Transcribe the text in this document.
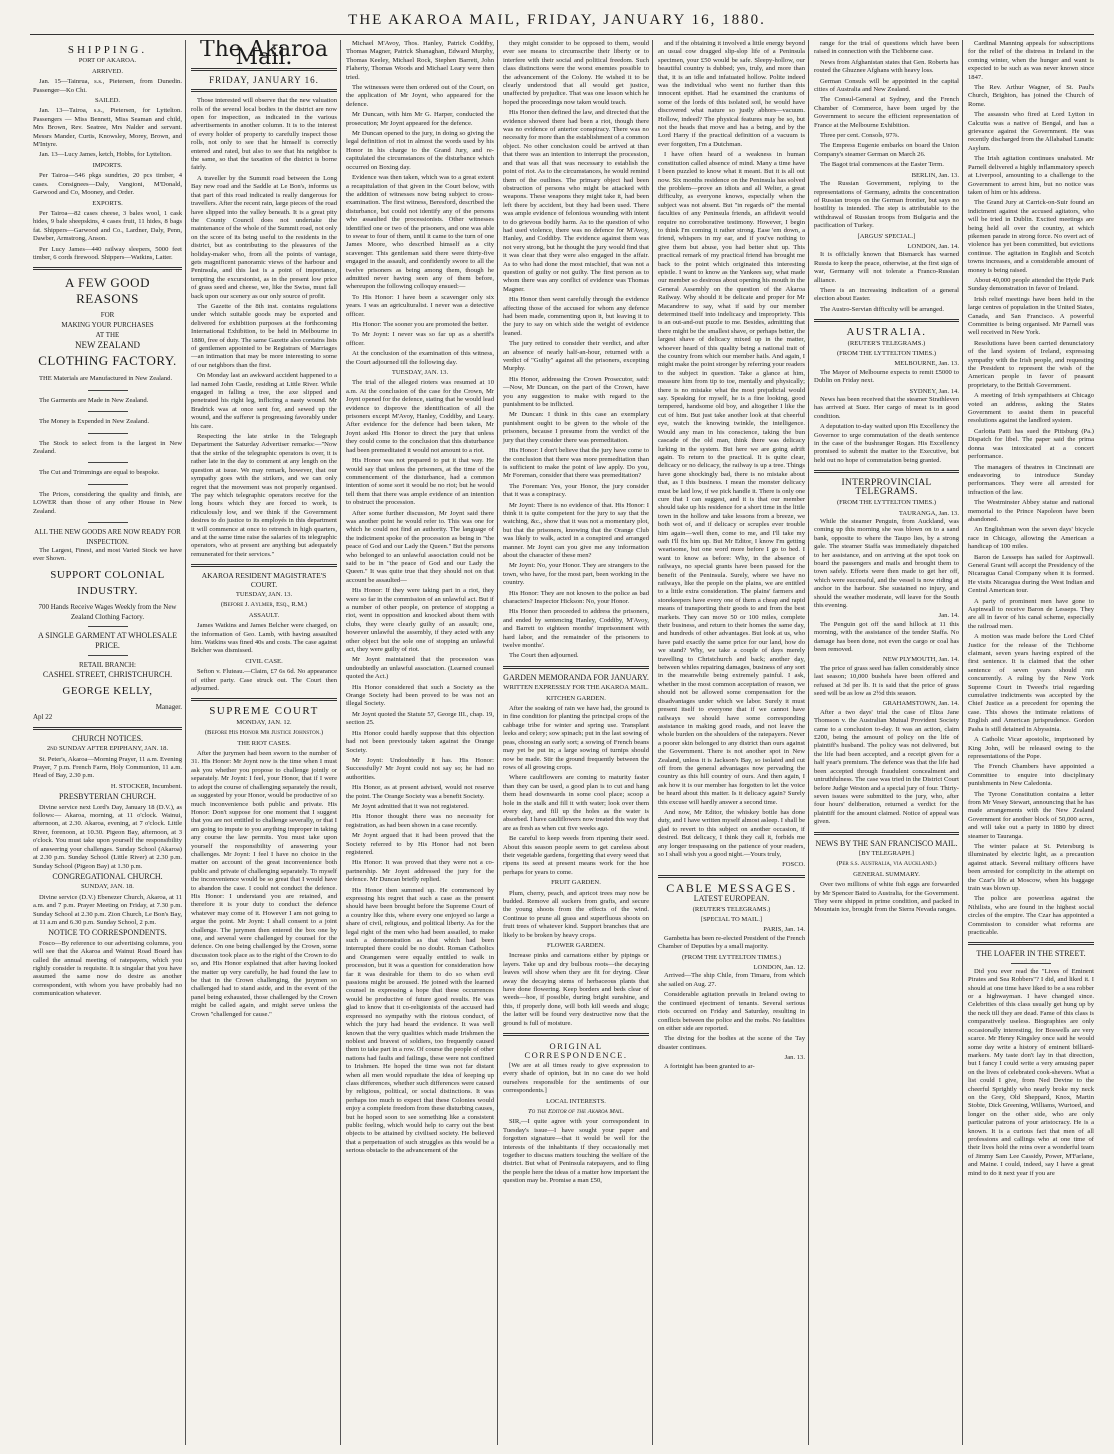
THE AKAROA MAIL, FRIDAY, JANUARY 16, 1880.
SHIPPING.
PORT OF AKAROA.
ARRIVED.

Jan. 15—Tainrua, s.s., Pietersen, from Dunedin. Passenger—Ko Chi.

SAILED.

Jan. 13—Tairoa, s.s., Pietersen, for Lyttelton. Passengers — Miss Bennett, Miss Seaman and child, Mrs Brown, Rev. Seatree, Mrs Nalder and servant. Messrs Mander, Curtis, Knowsley, Morey, Brown, and M'Intyre.

Jan. 13—Lucy James, ketch, Hobbs, for Lyttelton.

IMPORTS.

Per Tairoa—546 pkgs sundries, 20 pcs timber, 4 cases. Consignees—Daly, Vangioni, M'Donald, Garwood and Co, Mooney, and Order.

EXPORTS.

Per Tairoa—82 cases cheese, 3 bales wool, 1 cask hides, 9 bale sheepskins, 4 cases fruit, 11 hides, 8 bags fat. Shippers—Garwood and Co., Lardner, Daly, Penn, Dawber, Armstrong, Anson.

Per Lucy James—440 railway sleepers, 5000 feet timber, 6 cords firewood. Shippers—Watkins, Latter.

A FEW GOOD REASONS
FOR
MAKING YOUR PURCHASES
AT THE
NEW ZEALAND
CLOTHING FACTORY.

THE Materials are Manufactured in New Zealand.

The Garments are Made in New Zealand.

The Money is Expended in New Zealand.

The Stock to select from is the largest in New Zealand.

The Cut and Trimmings are equal to bespoke.

The Prices, considering the quality and finish, are LOWER than those of any other House in New Zealand.

ALL THE NEW GOODS ARE NOW READY FOR INSPECTION.

The Largest, Finest, and most Varied Stock we have ever Shown.

SUPPORT COLONIAL INDUSTRY.
700 Hands Receive Wages Weekly from the New Zealand Clothing Factory.
A SINGLE GARMENT AT WHOLESALE PRICE.
RETAIL BRANCH:
CASHEL STREET, CHRISTCHURCH.
GEORGE KELLY,
Manager.
Apl 22
CHURCH NOTICES.
2nd SUNDAY AFTER EPIPHANY, JAN. 18.

St. Peter's, Akaroa—Morning Prayer, 11 a.m. Evening Prayer, 7 p.m. French Farm, Holy Communion, 11 a.m. Head of Bay, 2.30 p.m.

H. STOCKER, Incumbent.
PRESBYTERIAN CHURCH.

Divine service next Lord's Day, January 18 (D.V.), as follows:— Akaroa, morning, at 11 o'clock. Wainui, afternoon, at 2.30. Akaroa, evening, at 7 o'clock. Little River, forenoon, at 10.30. Pigeon Bay, afternoon, at 3 o'clock. You must take upon yourself the responsibility of answering your challenges. Sunday School (Akaroa) at 2.30 p.m. Sunday School (Little River) at 2.30 p.m. Sunday School (Pigeon Bay) at 1.30 p.m.

CONGREGATIONAL CHURCH.
SUNDAY, JAN. 18.

Divine service (D.V.) Ebenezer Church, Akaroa, at 11 a.m. and 7 p.m. Prayer Meeting on Friday, at 7.30 p.m. Sunday School at 2.30 p.m. Zion Church, Le Bon's Bay, at 11 a.m and 6.30 p.m. Sunday School, 2 p.m.

NOTICE TO CORRESPONDENTS.

Fosco—By reference to our advertising columns, you will see that the Akaroa and Wainui Road Board has called the annual meeting of ratepayers, which you rightly consider is requisite. It is singular that you have assumed the same now do desire as another correspondent, with whom you have probably had no communication whatever.

The Akaroa Mail.
FRIDAY, JANUARY 16.

Those interested will observe that the new valuation rolls of the several local bodies in the district are now open for inspection, as indicated in the various advertisements in another column. It is to the interest of every holder of property to carefully inspect those rolls, not only to see that he himself is correctly entered and rated, but also to see that his neighbor is the same, so that the taxation of the district is borne fairly.

A traveller by the Summit road between the Long Bay new road and the Saddle at Le Bon's, informs us that part of this road indicated is really dangerous for travellers. After the recent rain, large pieces of the road have slipped into the valley beneath. It is a great pity the County Council does not undertake the maintenance of the whole of the Summit road, not only on the score of its being useful to the residents in the district, but as contributing to the pleasures of the holiday-maker who, from all the points of vantage, gets magnificent panoramic views of the harbour and Peninsula, and this last is a point of importance, tempting the excursionist, as in the present low price of grass seed and cheese, we, like the Swiss, must fall back upon our scenery as our only source of profit.

The Gazette of the 8th inst. contains regulations under which suitable goods may be exported and delivered for exhibition purposes at the forthcoming International Exhibition, to be held in Melbourne in 1880, free of duty. The same Gazette also contains lists of gentlemen appointed to be Registrars of Marriages—an intimation that may be more interesting to some of our neighbors than the first.

On Monday last an awkward accident happened to a lad named John Castle, residing at Little River. While engaged in falling a tree, the axe slipped and penetrated his right leg, inflicting a nasty wound. Mr Bradrick was at once sent for, and sewed up the wound, and the sufferer is progressing favorably under his care.

Respecting the late strike in the Telegraph Department the Saturday Advertiser remarks:—"Now that the strike of the telegraphic operators is over, it is rather late in the day to comment at any length on the question at issue. We may remark, however, that our sympathy goes with the strikers, and we can only regret that the movement was not properly organised. The pay which telegraphic operators receive for the long hours which they are forced to work, is ridiculously low, and we think if the Government desires to do justice to its employés in this department it will commence at once to retrench in high quarters, and at the same time raise the salaries of its telegraphic operators, who at present are anything but adequately remunerated for their services."

AKAROA RESIDENT MAGISTRATE'S COURT.
TUESDAY, JAN. 13.
(Before J. Aylmer, Esq., R.M.)
ASSAULT.

James Watkins and James Belcher were charged, on the information of Geo. Lamb, with having assaulted him. Watkins was fined 40s and costs. The case against Belcher was dismissed.

CIVIL CASE.

Sefton v. Fluteau.—Claim, £7 6s 6d. No appearance of either party. Case struck out. The Court then adjourned.

SUPREME COURT
MONDAY, JAN. 12.
(Before His Honor Mr Justice Johnston.)
THE RIOT CASES.

After the jurymen had been sworn to the number of 31. His Honor: Mr Joynt now is the time when I must ask you whether you propose to challenge jointly or separately. Mr Joynt: I feel, your Honor, that if I were to adopt the course of challenging separately the result, as suggested by your Honor, would be productive of so much inconvenience both public and private. His Honor: Don't suppose for one moment that I suggest that you are not entitled to challenge severally, or that I am going to impute to you anything improper in taking any course the law permits. You must take upon yourself the responsibility of answering your challenges. Mr Joynt: I feel I have no choice in the matter on account of the great inconvenience both public and private of challenging separately. To myself the inconvenience would be so great that I would have to abandon the case. I could not conduct the defence. His Honor: I understand you are retained, and therefore it is your duty to conduct the defence whatever may come of it. However I am not going to argue the point. Mr Joynt: I shall consent to a joint challenge. The jurymen then entered the box one by one, and several were challenged by counsel for the defence. On one being challenged by the Crown, some discussion took place as to the right of the Crown to do so, and His Honor explained that after having looked the matter up very carefully, he had found the law to be that in the Crown challenging, the jurymen so challenged had to stand aside, and in the event of the panel being exhausted, those challenged by the Crown might be called again, and might serve unless the Crown "challenged for cause."

Michael M'Avoy, Thos. Hanley, Patrick Coddiby, Thomas Magner, Patrick Shanaghan, Edward Murphy, Thomas Keeley, Michael Rock, Stephen Barrett, John Flaherty, Thomas Woods and Michael Leary were then tried.

The witnesses were then ordered out of the Court, on the application of Mr Joynt, who appeared for the defence.

Mr Duncan, with him Mr G. Harper, conducted the prosecution; Mr Joynt appeared for the defence.

Mr Duncan opened to the jury, in doing so giving the legal definition of riot in almost the words used by his Honor in his charge to the Grand Jury, and re-capitulated the circumstances of the disturbance which occurred on Boxing day.

Evidence was then taken, which was to a great extent a recapitulation of that given in the Court below, with the addition of witnesses now being subject to cross-examination. The first witness, Beresford, described the disturbance, but could not identify any of the persons who assaulted the processionists. Other witnesses identified one or two of the prisoners, and one was able to swear to four of them, until it came to the turn of one James Moore, who described himself as a city scavenger. This gentleman said there were thirty-five engaged in the assault, and confidently swore to all the twelve prisoners as being among them, though he admitted never having seen any of them before, whereupon the following colloquy ensued:—

To His Honor: I have been a scavenger only six years. I was an agriculturalist. I never was a detective officer.

His Honor: The sooner you are promoted the better.

To Mr Joynt: I never was so far up as a sheriff's officer.

At the conclusion of the examination of this witness, the Court adjourned till the following day.

TUESDAY, JAN. 13.

The trial of the alleged rioters was resumed at 10 a.m. At the conclusion of the case for the Crown, Mr Joynt opened for the defence, stating that he would lead evidence to disprove the identification of all the prisoners except M'Avoy, Hanley, Coddiby, and Leary. After evidence for the defence had been taken, Mr Joynt asked His Honor to direct the jury that unless they could come to the conclusion that this disturbance had been premeditated it would not amount to a riot.

His Honor was not prepared to put it that way. He would say that unless the prisoners, at the time of the commencement of the disturbance, had a common intention of some sort it would be no riot; but he would tell them that there was ample evidence of an intention to obstruct the procession.

After some further discussion, Mr Joynt said there was another point he would refer to. This was one for which he could not find an authority. The language of the indictment spoke of the procession as being in "the peace of God and our Lady the Queen." But the persons who belonged to an unlawful association could not be said to be in "the peace of God and our Lady the Queen." It was quite true that they should not on that account be assaulted—

His Honor: If they were taking part in a riot, they were so far in the commission of an unlawful act. But if a number of other people, on pretence of stopping a riot, went in opposition and knocked about them with clubs, they were clearly guilty of an assault; one, however unlawful the assembly, if they acted with any other object but the sole one of stopping an unlawful act, they were guilty of riot.

Mr Joynt maintained that the procession was undoubtedly an unlawful association. (Learned counsel quoted the Act.)

His Honor considered that such a Society as the Orange Society had been proved to be was not an illegal Society.

Mr Joynt quoted the Statute 57, George III., chap. 19, section 25.

His Honor could hardly suppose that this objection had not been previously taken against the Orange Society.

Mr Joynt: Undoubtedly it has. His Honor: Successfully? Mr Joynt could not say so; he had no authorities.

His Honor, as at present advised, would not reserve the point. The Orange Society was a benefit Society.

Mr Joynt admitted that it was not registered.

His Honor thought there was no necessity for registration, as had been shown in a case recently.

Mr Joynt argued that it had been proved that the Society referred to by His Honor had not been registered.

His Honor: It was proved that they were not a co-partnership. Mr Joynt addressed the jury for the defence. Mr Duncan briefly replied.

His Honor then summed up. He commenced by expressing his regret that such a case as the present should have been brought before the Supreme Court of a country like this, where every one enjoyed so large a share of civil, religious, and political liberty. As for the legal right of the men who had been assailed, to make such a demonstration as that which had been interrupted there could be no doubt. Roman Catholics and Orangemen were equally entitled to walk in procession, but it was a question for consideration how far it was desirable for them to do so when evil passions might be aroused. He joined with the learned counsel in expressing a hope that these occurrences would be productive of future good results. He was glad to know that it co-religionists of the accused had expressed no sympathy with the riotous conduct, of which the jury had heard the evidence. It was well known that the very qualities which made Irishmen the noblest and bravest of soldiers, too frequently caused them to take part in a row. Of course the people of other nations had faults and failings, these were not confined to Irishmen. He hoped the time was not far distant when all men would repudiate the idea of keeping up class differences, whether such differences were caused by religious, political, or social distinctions. It was perhaps too much to expect that these Colonies would enjoy a complete freedom from these disturbing causes, but he hoped soon to see something like a consistent public feeling, which would help to carry out the best objects to be attained by civilised society. He believed that a perpetuation of such struggles as this would be a serious obstacle to the advancement of the

they might consider to be opposed to them, would ever see means to circumscribe their liberty or to interfere with their social and political freedom. Such class distinctions were the worst enemies possible to the advancement of the Colony. He wished it to be clearly understood that all would get justice, unaffected by prejudice. That was one lesson which he hoped the proceedings now taken would teach.

His Honor then defined the law, and directed that the evidence showed there had been a riot, though there was no evidence of anterior conspiracy. There was no necessity for more than the establishment of a common object. No other conclusion could be arrived at than that there was an intention to interrupt the procession, and that was all that was necessary to establish the point of riot. As to the circumstances, he would remind them of the outlines. The primary object had been obstruction of persons who might be attacked with weapons. These weapons they might take it, had been left there by accident, but they had been used. There was ample evidence of felonious wounding with intent to do grievous bodily harm. As to the question of who had used violence, there was no defence for M'Avoy, Hanley, and Coddiby. The evidence against them was not very strong, but he thought the jury would find that it was clear that they were also engaged in the affair. As to who had done the most mischief, that was not a question of guilty or not guilty. The first person as to whom there was any conflict of evidence was Thomas Magner.

His Honor then went carefully through the evidence affecting those of the accused for whom any defence had been made, commenting upon it, but leaving it to the jury to say on which side the weight of evidence leaned.

The jury retired to consider their verdict, and after an absence of nearly half-an-hour, returned with a verdict of "Guilty" against all the prisoners, excepting Murphy.

His Honor, addressing the Crown Prosecutor, said:—Now, Mr Duncan, on the part of the Crown, have you any suggestion to make with regard to the punishment to be inflicted.

Mr Duncan: I think in this case an exemplary punishment ought to be given to the whole of the prisoners, because I presume from the verdict of the jury that they consider there was premeditation.

His Honor: I don't believe that the jury have come to the conclusion that there was more premeditation than is sufficient to make the point of law apply. Do you, Mr Foreman, consider that there was premeditation?

The Foreman: Yes, your Honor, the jury consider that it was a conspiracy.

Mr Joynt: There is no evidence of that. His Honor: I think it is quite competent for the jury to say that the watching, &c., show that it was not a momentary plot, but that the prisoners, knowing that the Orange Club was likely to walk, acted in a conspired and arranged manner. Mr Joynt can you give me any information about the character of these men?

Mr Joynt: No, your Honor. They are strangers to the town, who have, for the most part, been working in the country.

His Honor: They are not known to the police as bad characters? Inspector Hickson: No, your Honor.

His Honor then proceeded to address the prisoners, and ended by sentencing Hanley, Coddiby, M'Avoy, and Barrett to eighteen months' imprisonment with hard labor, and the remainder of the prisoners to twelve months'.

The Court then adjourned.

GARDEN MEMORANDA FOR JANUARY.
WRITTEN EXPRESSLY FOR THE AKAROA MAIL.
KITCHEN GARDEN.

After the soaking of rain we have had, the ground is in fine condition for planting the principal crops of the cabbage tribe for winter and spring use. Transplant leeks and celery; sow spinach; put in the last sowing of peas, choosing an early sort; a sowing of French beans may yet be put in; a large sowing of turnips should now be made. Stir the ground frequently between the rows of all growing crops.

Where cauliflowers are coming to maturity faster than they can be used, a good plan is to cut and hang them head downwards in some cool place; scoop a hole in the stalk and fill it with water; look over them every day, and fill up the holes as the water is absorbed. I have cauliflowers now treated this way that are as fresh as when cut five weeks ago.

Be careful to keep weeds from ripening their seed. About this season people seem to get careless about their vegetable gardens, forgetting that every weed that ripens its seed at present means work for the hoe perhaps for years to come.

FRUIT GARDEN.

Plum, cherry, peach, and apricot trees may now be budded. Remove all suckers from grafts, and secure the young shoots from the effects of the wind. Continue to prune all grass and superfluous shoots on fruit trees of whatever kind. Support branches that are likely to be broken by heavy crops.

FLOWER GARDEN.

Increase pinks and carnations either by pipings or layers. Take up and dry bulbous roots—the decaying leaves will show when they are fit for drying. Clear away the decaying stems of herbaceous plants that have done flowering. Keep borders and beds clear of weeds—hoe, if possible, during bright sunshine, and this, if properly done, will both kill weeds and slugs; the latter will be found very destructive now that the ground is full of moisture.

ORIGINAL CORRESPONDENCE.

[We are at all times ready to give expression to every shade of opinion, but in no case do we hold ourselves responsible for the sentiments of our correspondents.]

LOCAL INTERESTS.
To the Editor of the Akaroa Mail.

SIR,—I quite agree with your correspondent in Tuesday's issue—I have sought your paper and forgotten signature—that it would be well for the interests of the inhabitants if they occasionally met together to discuss matters touching the welfare of the district. But what of Peninsula ratepayers, and to fling the people here the ideas of a matter how important the question may be. Promise a man £50,

and if the obtaining it involved a little energy beyond an usual cow dragged slip-slop life of a Peninsula specimen, your £50 would be safe. Sleepy-hollow, our beautiful country is dubbed; yes, truly, and more than that, it is an idle and infatuated hollow. Polite indeed was the individual who went no further than this innocent epithet. Had he examined the craniums of some of the lords of this isolated soil, he would have discovered what nature so justly abhors—vacuum. Hollow, indeed? The physical features may be so, but not the heads that move and has a being, and by the Lord Harry if the practical definition of a vacuum is ever forgotten, I'm a Dutchman.

I have often heard of a weakness in human constitution called absence of mind. Many a time have I been puzzled to know what it meant. But it is all out now. Six months residence on the Peninsula has solved the problem—prove an idiots and all Welter, a great difficulty, as everyone knows, especially when the subject was not absent. But "in regards of" the mental faculties of any Peninsula friends, an affidavit would require no corroborative testimony. However, I begin to think I'm coming it rather strong. Ease 'em down, a friend, whispers in my ear, and if you've nothing to give them but abuse, you had better shut up. This practical remark of my practical friend has brought me back to the point which originated this interesting epistle. I want to know as the Yankees say, what made our member so desirous about opening his mouth in the General Assembly on the question of the Akaroa Railway. Why should it be delicate and proper for Mr Macandrew to say, what if said by our member determined itself into indelicacy and impropriety. This is an out-and-out puzzle to me. Besides, admitting that there might be the smallest shave, or perhaps better, the largest shave of delicacy mixed up in the matter, whoever heard of this quality being a national trait of the country from which our member hails. And again, I might make the point stronger by referring your readers to the subject in question. Take a glance at him, measure him from tip to toe, mentally and physically; there is no mistake what the most prejudicial would say. Speaking for myself, he is a fine looking, good tempered, handsome old boy, and altogether I like the cut of him. But just take another look at that cheerful eye, watch the knowing twinkle, the intelligence. Would any man in his conscience, taking the bun cascade of the old man, think there was delicacy lurking in the system. But here we are going adrift again. To return to the practical. It is quite clear, delicacy or no delicacy, the railway is up a tree. Things have gone shockingly bad, there is no mistake about that, as I this business. I mean the monster delicacy must be laid low, if we pick handle it. There is only one cure that I can suggest, and it is that our member should take up his residence for a short time in the little town in the hollow and take lessons from a breeze, we both wot of, and if delicacy or scruples ever trouble him again—well then, come to me, and I'll take my oath I'll fix him up. But Mr Editor, I know I'm getting wearisome, but one word more before I go to bed. I want to know as before: Why, in the absence of railways, no special grants have been passed for the benefit of the Peninsula. Surely, where we have no railways, like the people on the plains, we are entitled to a little extra consideration. The plains' farmers and storekeepers have every one of them a cheap and rapid means of transporting their goods to and from the best markets. They can move 50 or 100 miles, complete their business, and return to their homes the same day, and hundreds of other advantages. But look at us, who have paid exactly the same price for our land, how do we stand? Why, we take a couple of days merely travelling to Christchurch and back; another day, between whiles repairing damages, business of any sort in the meanwhile being extremely painful. I ask, whether in the most common acceptation of reason, we should not be allowed some compensation for the disadvantages under which we labor. Surely it must present itself to everyone that if we cannot have railways we should have some corresponding assistance in making good roads, and not leave the whole burden on the shoulders of the ratepayers. Never a poorer skin belonged to any district than ours against the Government. There is not another spot in New Zealand, unless it is Jackson's Bay, so isolated and cut off from the general advantages now pervading the country as this hill country of ours. And then again, I ask how it is our member has forgotten to let the voice be heard about this matter. Is it delicacy again? Surely this excuse will hardly answer a second time.

And now, Mr Editor, the whiskey bottle has done duty, and I have written myself almost asleep. I shall be glad to revert to this subject on another occasion, if desired. But delicacy, I think they call it, forbids me any longer trespassing on the patience of your readers, so I shall wish you a good night.—Yours truly,

FOSCO.
CABLE MESSAGES.
LATEST EUROPEAN.
(REUTER'S TELEGRAMS.)
[SPECIAL TO MAIL.]
PARIS, Jan. 14.

Gambetta has been re-elected President of the French Chamber of Deputies by a small majority.

(FROM THE LYTTELTON TIMES.)
LONDON, Jan. 12.

Arrived—The ship Chile, from Timaru, from which she sailed on Aug. 27.

Considerable agitation prevails in Ireland owing to the continued ejectment of tenants. Several serious riots occurred on Friday and Saturday, resulting in conflicts between the police and the mobs. No fatalities on either side are reported.

The diving for the bodies at the scene of the Tay disaster continues.

Jan. 13.

A fortnight has been granted to ar-

range for the trial of questions which have been raised in connection with the Tichborne case.

News from Afghanistan states that Gen. Roberts has routed the Ghuznee Afghans with heavy loss.

German Consuls will be appointed in the capital cities of Australia and New Zealand.

The Consul-General at Sydney, and the French Chamber of Commerce, have been urged by the Government to secure the efficient representation of France at the Melbourne Exhibition.

Three per cent. Consols, 97⅞.

The Empress Eugenie embarks on board the Union Company's steamer German on March 26.

The Bagot trial commences at the Easter Term.

BERLIN, Jan. 13.

The Russian Government, replying to the representations of Germany, admits the concentration of Russian troops on the German frontier, but says no hostility is intended. The step is attributable to the withdrawal of Russian troops from Bulgaria and the pacification of Turkey.

[ARGUS' SPECIAL.]
LONDON, Jan. 14.

It is officially known that Bismarck has warned Russia to keep the peace, otherwise, at the first sign of war, Germany will not tolerate a Franco-Russian alliance.

There is an increasing indication of a general election about Easter.

The Austro-Servian difficulty will be arranged.

AUSTRALIA.
(REUTER'S TELEGRAMS.)
(FROM THE LYTTELTON TIMES.)
MELBOURNE, Jan. 13.

The Mayor of Melbourne expects to remit £5000 to Dublin on Friday next.

SYDNEY, Jan. 14.

News has been received that the steamer Strathleven has arrived at Suez. Her cargo of meat is in good condition.

A deputation to-day waited upon His Excellency the Governor to urge commutation of the death sentence in the case of the bushranger Rogan. His Excellency promised to submit the matter to the Executive, but held out no hope of commutation being granted.

INTERPROVINCIAL TELEGRAMS.
(FROM THE LYTTELTON TIMES.)
TAURANGA, Jan. 13.

While the steamer Penguin, from Auckland, was coming up this morning she was blown on to a sand bank, opposite to where the Taupo lies, by a strong gale. The steamer Staffa was immediately dispatched to her assistance, and on arriving at the spot took on board the passengers and mails and brought them to town safely. Efforts were then made to get her off, which were successful, and the vessel is now riding at anchor in the harbour. She sustained no injury, and should the weather moderate, will leave for the South this evening.

Jan. 14.

The Penguin got off the sand hillock at 11 this morning, with the assistance of the tender Staffa. No damage has been done, not even the cargo or coal has been removed.

NEW PLYMOUTH, Jan. 14.

The price of grass seed has fallen considerably since last season; 10,000 bushels have been offered and refused at 3d per lb. It is said that the price of grass seed will be as low as 2½d this season.

GRAHAMSTOWN, Jan. 14.

After a two days' trial the case of Eliza Jane Thomson v. the Australian Mutual Provident Society came to a conclusion to-day. It was an action, claim £200, being the amount of policy on the life of plaintiff's husband. The policy was not delivered, but the life had been accepted, and a receipt given for a half year's premium. The defence was that the life had been accepted through fraudulent concealment and untruthfulness. The case was tried in the District Court before Judge Weston and a special jury of four. Thirty-seven issues were submitted to the jury, who, after four hours' deliberation, returned a verdict for the plaintiff for the amount claimed. Notice of appeal was given.

NEWS BY THE SAN FRANCISCO MAIL.
[BY TELEGRAPH.]
(Per s.s. Australia, via Auckland.)
GENERAL SUMMARY.

Over two millions of white fish eggs are forwarded by Mr Spencer Baird to Australia, for the Government. They were shipped in prime condition, and packed in Mountain ice, brought from the Sierra Nevada ranges.

Cardinal Manning appeals for subscriptions for the relief of the distress in Ireland in the coming winter, when the hunger and want is expected to be such as was never known since 1847.

The Rev. Arthur Wagner, of St. Paul's Church, Brighton, has joined the Church of Rome.

The assassin who fired at Lord Lytton in Calcutta was a native of Bengal, and has a grievance against the Government. He was recently discharged from the Allahabad Lunatic Asylum.

The Irish agitation continues unabated. Mr Parnell delivered a highly inflammatory speech at Liverpool, amounting to a challenge to the Government to arrest him, but no notice was taken of him or his address.

The Grand Jury at Carrick-on-Suir found an indictment against the accused agitators, who will be tried in Dublin. Excited meetings are being held all over the country, at which pikemen parade in strong force. No overt act of violence has yet been committed, but evictions continue. The agitation in English and Scotch towns increases, and a considerable amount of money is being raised.

About 40,000 people attended the Hyde Park Sunday demonstration in favor of Ireland.

Irish relief meetings have been held in the large centres of population in the United States, Canada, and San Francisco. A powerful Committee is being organised. Mr Parnell was well received in New York.

Resolutions have been carried denunciatory of the land system of Ireland, expressing sympathy with the Irish people, and requesting the President to represent the wish of the American people in favor of peasant proprietary, to the British Government.

A meeting of Irish sympathisers at Chicago voted an address, asking the States Government to assist them in peaceful resolutions against the landlord system.

Carlotta Patti has sued the Pittsburg (Pa.) Dispatch for libel. The paper said the prima donna was intoxicated at a concert performance.

The managers of theatres in Cincinnati are endeavoring to introduce Sunday performances. They were all arrested for infraction of the law.

The Westminster Abbey statue and national memorial to the Prince Napoleon have been abandoned.

An Englishman won the seven days' bicycle race in Chicago, allowing the American a handicap of 100 miles.

Baron de Lesseps has sailed for Aspinwall. General Grant will accept the Presidency of the Nicaragua Canal Company when it is formed. He visits Nicaragua during the West Indian and Central American tour.

A party of prominent men have gone to Aspinwall to receive Baron de Lesseps. They are all in favor of his canal scheme, especially the railroad men.

A motion was made before the Lord Chief Justice for the release of the Tichborne claimant, seven years having expired of the first sentence. It is claimed that the other sentence of seven years should run concurrently. A ruling by the New York Supreme Court in Tweed's trial regarding cumulative indictments was accepted by the Chief Justice as a precedent for opening the case. This shows the intimate relations of English and American jurisprudence. Gordon Pasha is still detained in Abyssinia.

A Catholic Vicar apostolic, imprisoned by King John, will be released owing to the representations of the Pope.

The French Chambers have appointed a Committee to enquire into disciplinary punishments in New Caledonia.

The Tyrone Constitution contains a letter from Mr Vesey Stewart, announcing that he has made arrangements with the New Zealand Government for another block of 50,000 acres, and will take out a party in 1880 by direct steamer to Tauranga.

The winter palace at St. Petersburg is illuminated by electric light, as a precaution against attack. Several military officers have been arrested for complicity in the attempt on the Czar's life at Moscow, when his baggage train was blown up.

The police are powerless against the Nihilists, who are found in the highest social circles of the empire. The Czar has appointed a Commission to consider what reforms are practicable.

THE LOAFER IN THE STREET.

Did you ever read the "Lives of Eminent Pirates and Sea Robbers"? I did, and liked it. I should at one time have liked to be a sea robber or a highwayman. I have changed since. Celebrities of this class usually get hung up by the neck till they are dead. Fame of this class is comparatively useless. Biographies are only occasionally interesting, for Boswells are very scarce. Mr Henry Kingsley once said he would some day write a history of eminent billiard-markers. My taste don't lay in that direction, but I fancy I could write a very amusing paper on the lives of celebrated cook-shevers. What a list could I give, from Ned Devine to the cheerful Sprightly who nearly broke my neck on the Grey, Old Sheppard, Knox, Martin Stobie, Dick Greening, Williams, Wurtoed, and longer on the other side, who are only particular patrons of your aristocracy. He is a known. It is a curious fact that men of all professions and callings who at one time of their lives hold the reins over a wonderful team of Jimmy Sam Lee Cassidy, Power, M'Farlane, and Maine. I could, indeed, say I have a great mind to do it next year if you are
